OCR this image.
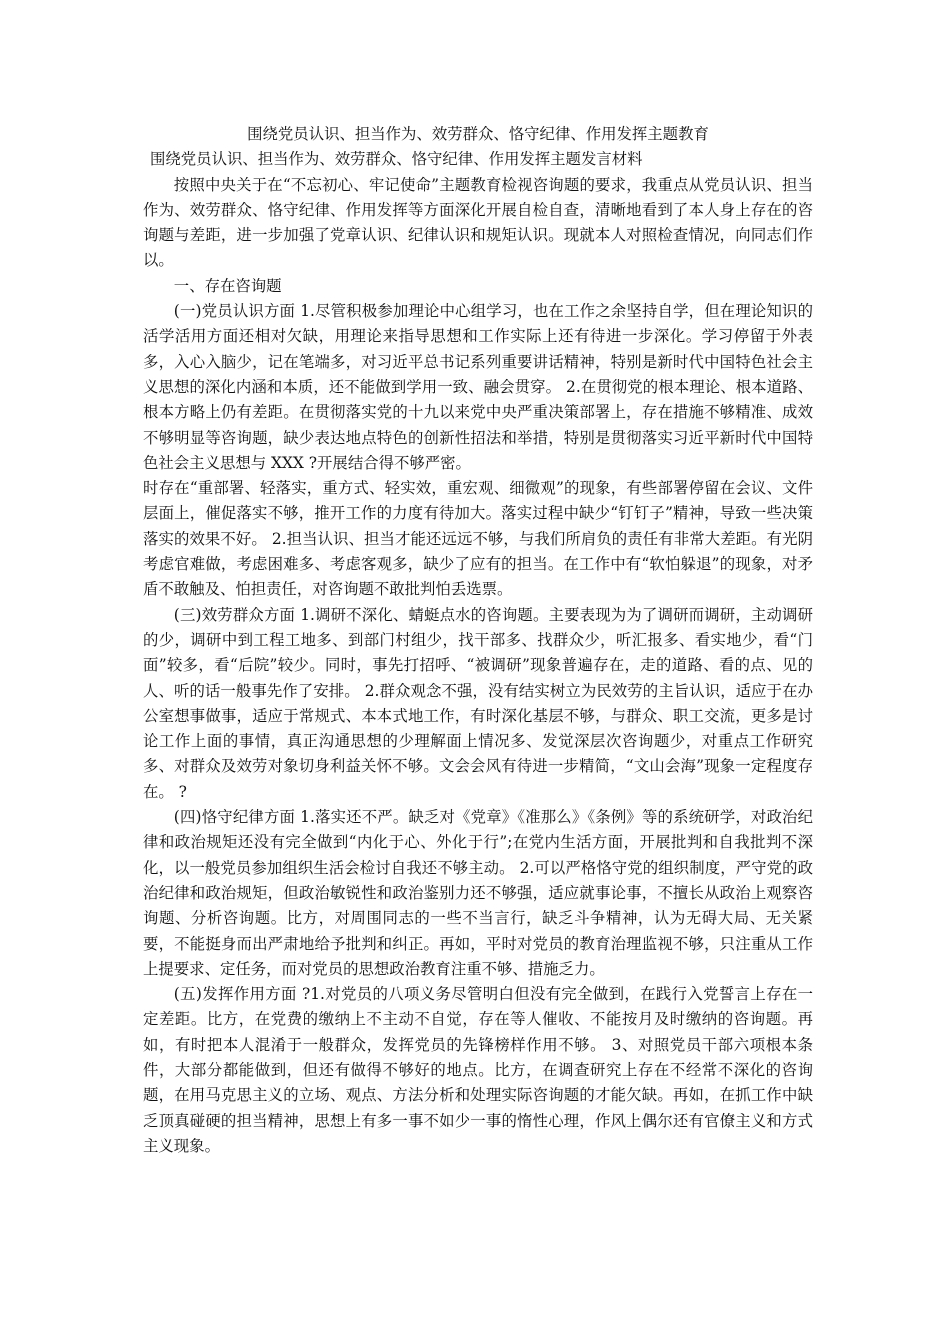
围绕党员认识、担当作为、效劳群众、恪守纪律、作用发挥主题教育

围绕党员认识、担当作为、效劳群众、恪守纪律、作用发挥主题发言材料

按照中央关于在“不忘初心、牢记使命”主题教育检视咨询题的要求，我重点从党员认识、担当作为、效劳群众、恪守纪律、作用发挥等方面深化开展自检自查，清晰地看到了本人身上存在的咨询题与差距，进一步加强了党章认识、纪律认识和规矩认识。现就本人对照检查情况，向同志们作以。

一、存在咨询题

(一)党员认识方面 1.尽管积极参加理论中心组学习，也在工作之余坚持自学，但在理论知识的活学活用方面还相对欠缺，用理论来指导思想和工作实际上还有待进一步深化。学习停留于外表多，入心入脑少，记在笔端多，对习近平总书记系列重要讲话精神，特别是新时代中国特色社会主义思想的深化内涵和本质，还不能做到学用一致、融会贯穿。 2.在贯彻党的根本理论、根本道路、根本方略上仍有差距。在贯彻落实党的十九以来党中央严重决策部署上，存在措施不够精准、成效不够明显等咨询题，缺少表达地点特色的创新性招法和举措，特别是贯彻落实习近平新时代中国特色社会主义思想与 XXX ?开展结合得不够严密。

时存在“重部署、轻落实，重方式、轻实效，重宏观、细微观”的现象，有些部署停留在会议、文件层面上，催促落实不够，推开工作的力度有待加大。落实过程中缺少“钉钉子”精神，导致一些决策落实的效果不好。 2.担当认识、担当才能还远远不够，与我们所肩负的责任有非常大差距。有光阴考虑官难做，考虑困难多、考虑客观多，缺少了应有的担当。在工作中有“软怕躲退”的现象，对矛盾不敢触及、怕担责任，对咨询题不敢批判怕丢选票。

(三)效劳群众方面 1.调研不深化、蜻蜓点水的咨询题。主要表现为为了调研而调研，主动调研的少，调研中到工程工地多、到部门村组少，找干部多、找群众少，听汇报多、看实地少，看“门面”较多，看“后院”较少。同时，事先打招呼、“被调研”现象普遍存在，走的道路、看的点、见的人、听的话一般事先作了安排。 2.群众观念不强，没有结实树立为民效劳的主旨认识，适应于在办公室想事做事，适应于常规式、本本式地工作，有时深化基层不够，与群众、职工交流，更多是讨论工作上面的事情，真正沟通思想的少理解面上情况多、发觉深层次咨询题少，对重点工作研究多、对群众及效劳对象切身利益关怀不够。文会会风有待进一步精简，“文山会海”现象一定程度存在。 ?

(四)恪守纪律方面 1.落实还不严。缺乏对《党章》《准那么》《条例》等的系统研学，对政治纪律和政治规矩还没有完全做到“内化于心、外化于行”;在党内生活方面，开展批判和自我批判不深化，以一般党员参加组织生活会检讨自我还不够主动。 2.可以严格恪守党的组织制度，严守党的政治纪律和政治规矩，但政治敏锐性和政治鉴别力还不够强，适应就事论事，不擅长从政治上观察咨询题、分析咨询题。比方，对周围同志的一些不当言行，缺乏斗争精神，认为无碍大局、无关紧要，不能挺身而出严肃地给予批判和纠正。再如，平时对党员的教育治理监视不够，只注重从工作上提要求、定任务，而对党员的思想政治教育注重不够、措施乏力。

(五)发挥作用方面 ?1.对党员的八项义务尽管明白但没有完全做到，在践行入党誓言上存在一定差距。比方，在党费的缴纳上不主动不自觉，存在等人催收、不能按月及时缴纳的咨询题。再如，有时把本人混淆于一般群众，发挥党员的先锋榜样作用不够。 3、对照党员干部六项根本条件，大部分都能做到，但还有做得不够好的地点。比方，在调查研究上存在不经常不深化的咨询题，在用马克思主义的立场、观点、方法分析和处理实际咨询题的才能欠缺。再如，在抓工作中缺乏顶真碰硬的担当精神，思想上有多一事不如少一事的惰性心理，作风上偶尔还有官僚主义和方式主义现象。
